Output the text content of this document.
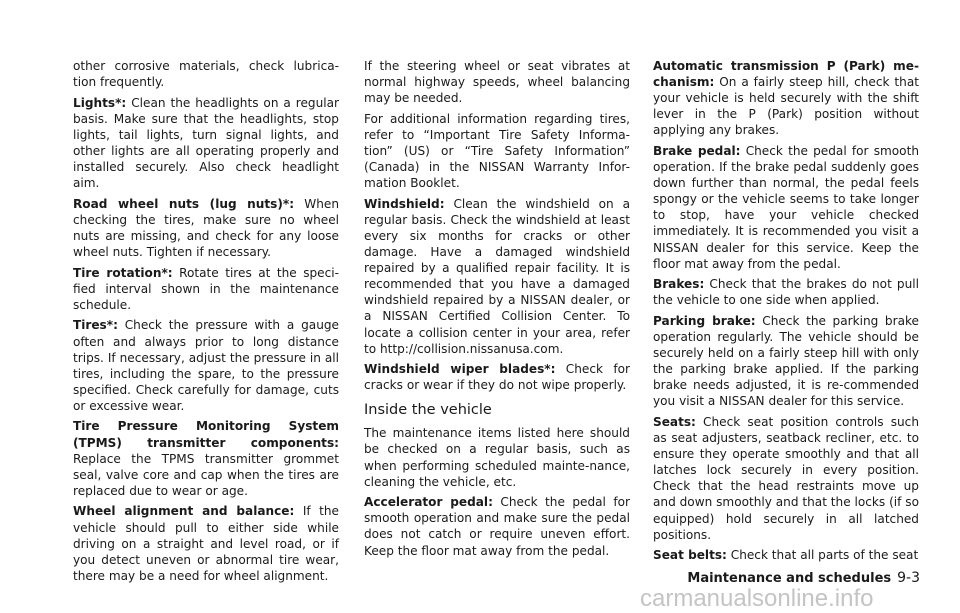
other corrosive materials, check lubrica-tion frequently.

Lights*: Clean the headlights on a regular basis. Make sure that the headlights, stop lights, tail lights, turn signal lights, and other lights are all operating properly and installed securely. Also check headlight aim.

Road wheel nuts (lug nuts)*: When checking the tires, make sure no wheel nuts are missing, and check for any loose wheel nuts. Tighten if necessary.

Tire rotation*: Rotate tires at the speci-fied interval shown in the maintenance schedule.

Tires*: Check the pressure with a gauge often and always prior to long distance trips. If necessary, adjust the pressure in all tires, including the spare, to the pressure specified. Check carefully for damage, cuts or excessive wear.

Tire Pressure Monitoring System (TPMS) transmitter components: Replace the TPMS transmitter grommet seal, valve core and cap when the tires are replaced due to wear or age.

Wheel alignment and balance: If the vehicle should pull to either side while driving on a straight and level road, or if you detect uneven or abnormal tire wear, there may be a need for wheel alignment.

If the steering wheel or seat vibrates at normal highway speeds, wheel balancing may be needed.

For additional information regarding tires, refer to “Important Tire Safety Informa-tion” (US) or “Tire Safety Information” (Canada) in the NISSAN Warranty Infor-mation Booklet.

Windshield: Clean the windshield on a regular basis. Check the windshield at least every six months for cracks or other damage. Have a damaged windshield repaired by a qualified repair facility. It is recommended that you have a damaged windshield repaired by a NISSAN dealer, or a NISSAN Certified Collision Center. To locate a collision center in your area, refer to http://collision.nissanusa.com.

Windshield wiper blades*: Check for cracks or wear if they do not wipe properly.

Inside the vehicle

The maintenance items listed here should be checked on a regular basis, such as when performing scheduled mainte-nance, cleaning the vehicle, etc.

Accelerator pedal: Check the pedal for smooth operation and make sure the pedal does not catch or require uneven effort. Keep the floor mat away from the pedal.

Automatic transmission P (Park) me-chanism: On a fairly steep hill, check that your vehicle is held securely with the shift lever in the P (Park) position without applying any brakes.

Brake pedal: Check the pedal for smooth operation. If the brake pedal suddenly goes down further than normal, the pedal feels spongy or the vehicle seems to take longer to stop, have your vehicle checked immediately. It is recommended you visit a NISSAN dealer for this service. Keep the floor mat away from the pedal.

Brakes: Check that the brakes do not pull the vehicle to one side when applied.

Parking brake: Check the parking brake operation regularly. The vehicle should be securely held on a fairly steep hill with only the parking brake applied. If the parking brake needs adjusted, it is re-commended you visit a NISSAN dealer for this service.

Seats: Check seat position controls such as seat adjusters, seatback recliner, etc. to ensure they operate smoothly and that all latches lock securely in every position. Check that the head restraints move up and down smoothly and that the locks (if so equipped) hold securely in all latched positions.

Seat belts: Check that all parts of the seat

Maintenance and schedules 9-3
carmanualsonline.info
